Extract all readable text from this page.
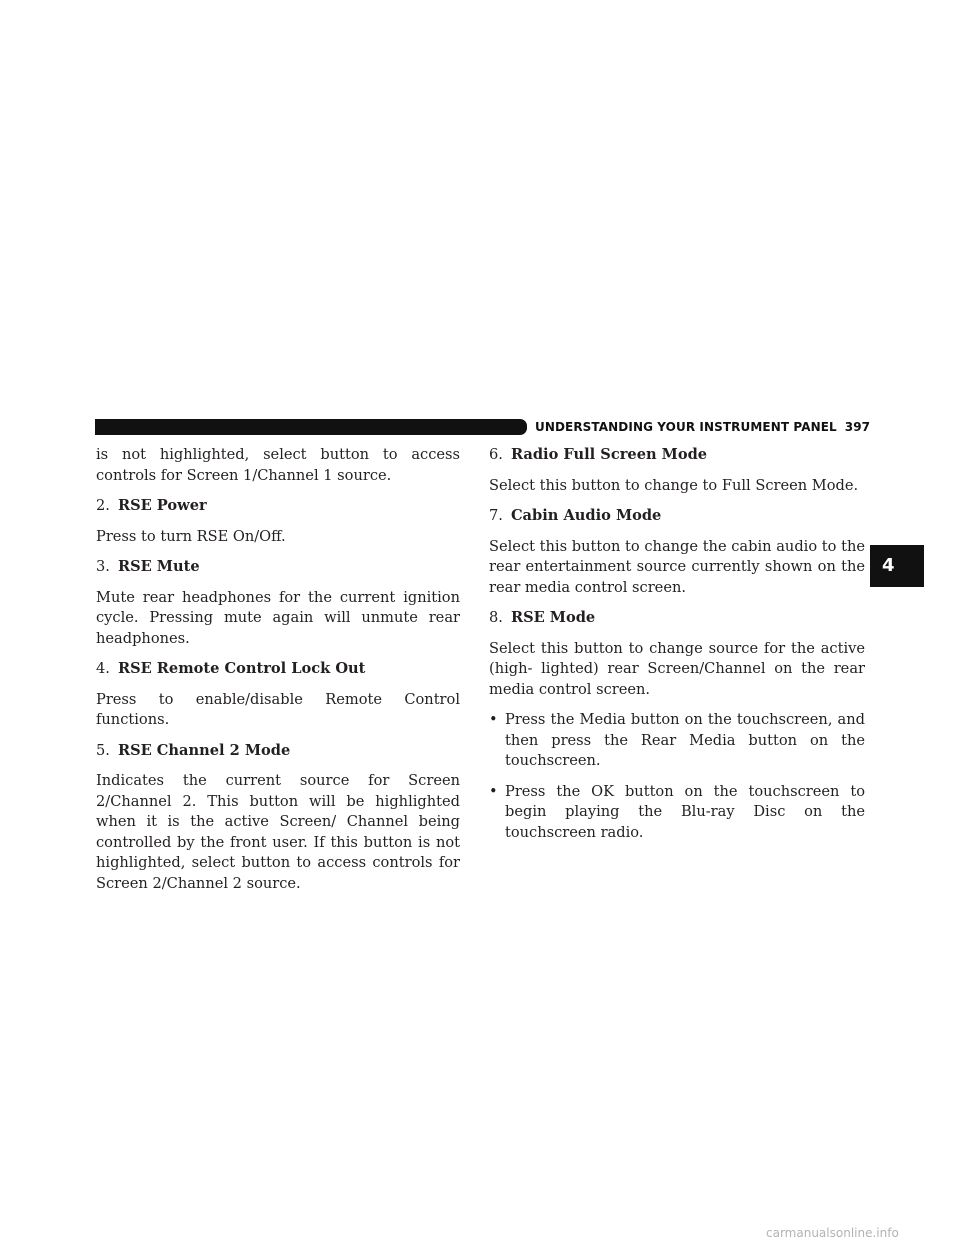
UNDERSTANDING YOUR INSTRUMENT PANEL 397
4

is not highlighted, select button to access controls for Screen 1/Channel 1 source.

2. RSE Power

Press to turn RSE On/Off.

3. RSE Mute

Mute rear headphones for the current ignition cycle. Pressing mute again will unmute rear headphones.

4. RSE Remote Control Lock Out

Press to enable/disable Remote Control functions.

5. RSE Channel 2 Mode

Indicates the current source for Screen 2/Channel 2. This button will be highlighted when it is the active Screen/ Channel being controlled by the front user. If this button is not highlighted, select button to access controls for Screen 2/Channel 2 source.

6. Radio Full Screen Mode

Select this button to change to Full Screen Mode.

7. Cabin Audio Mode

Select this button to change the cabin audio to the rear entertainment source currently shown on the rear media control screen.

8. RSE Mode

Select this button to change source for the active (high- lighted) rear Screen/Channel on the rear media control screen.

• Press the Media button on the touchscreen, and then press the Rear Media button on the touchscreen.
• Press the OK button on the touchscreen to begin playing the Blu-ray Disc on the touchscreen radio.
carmanualsonline.info
